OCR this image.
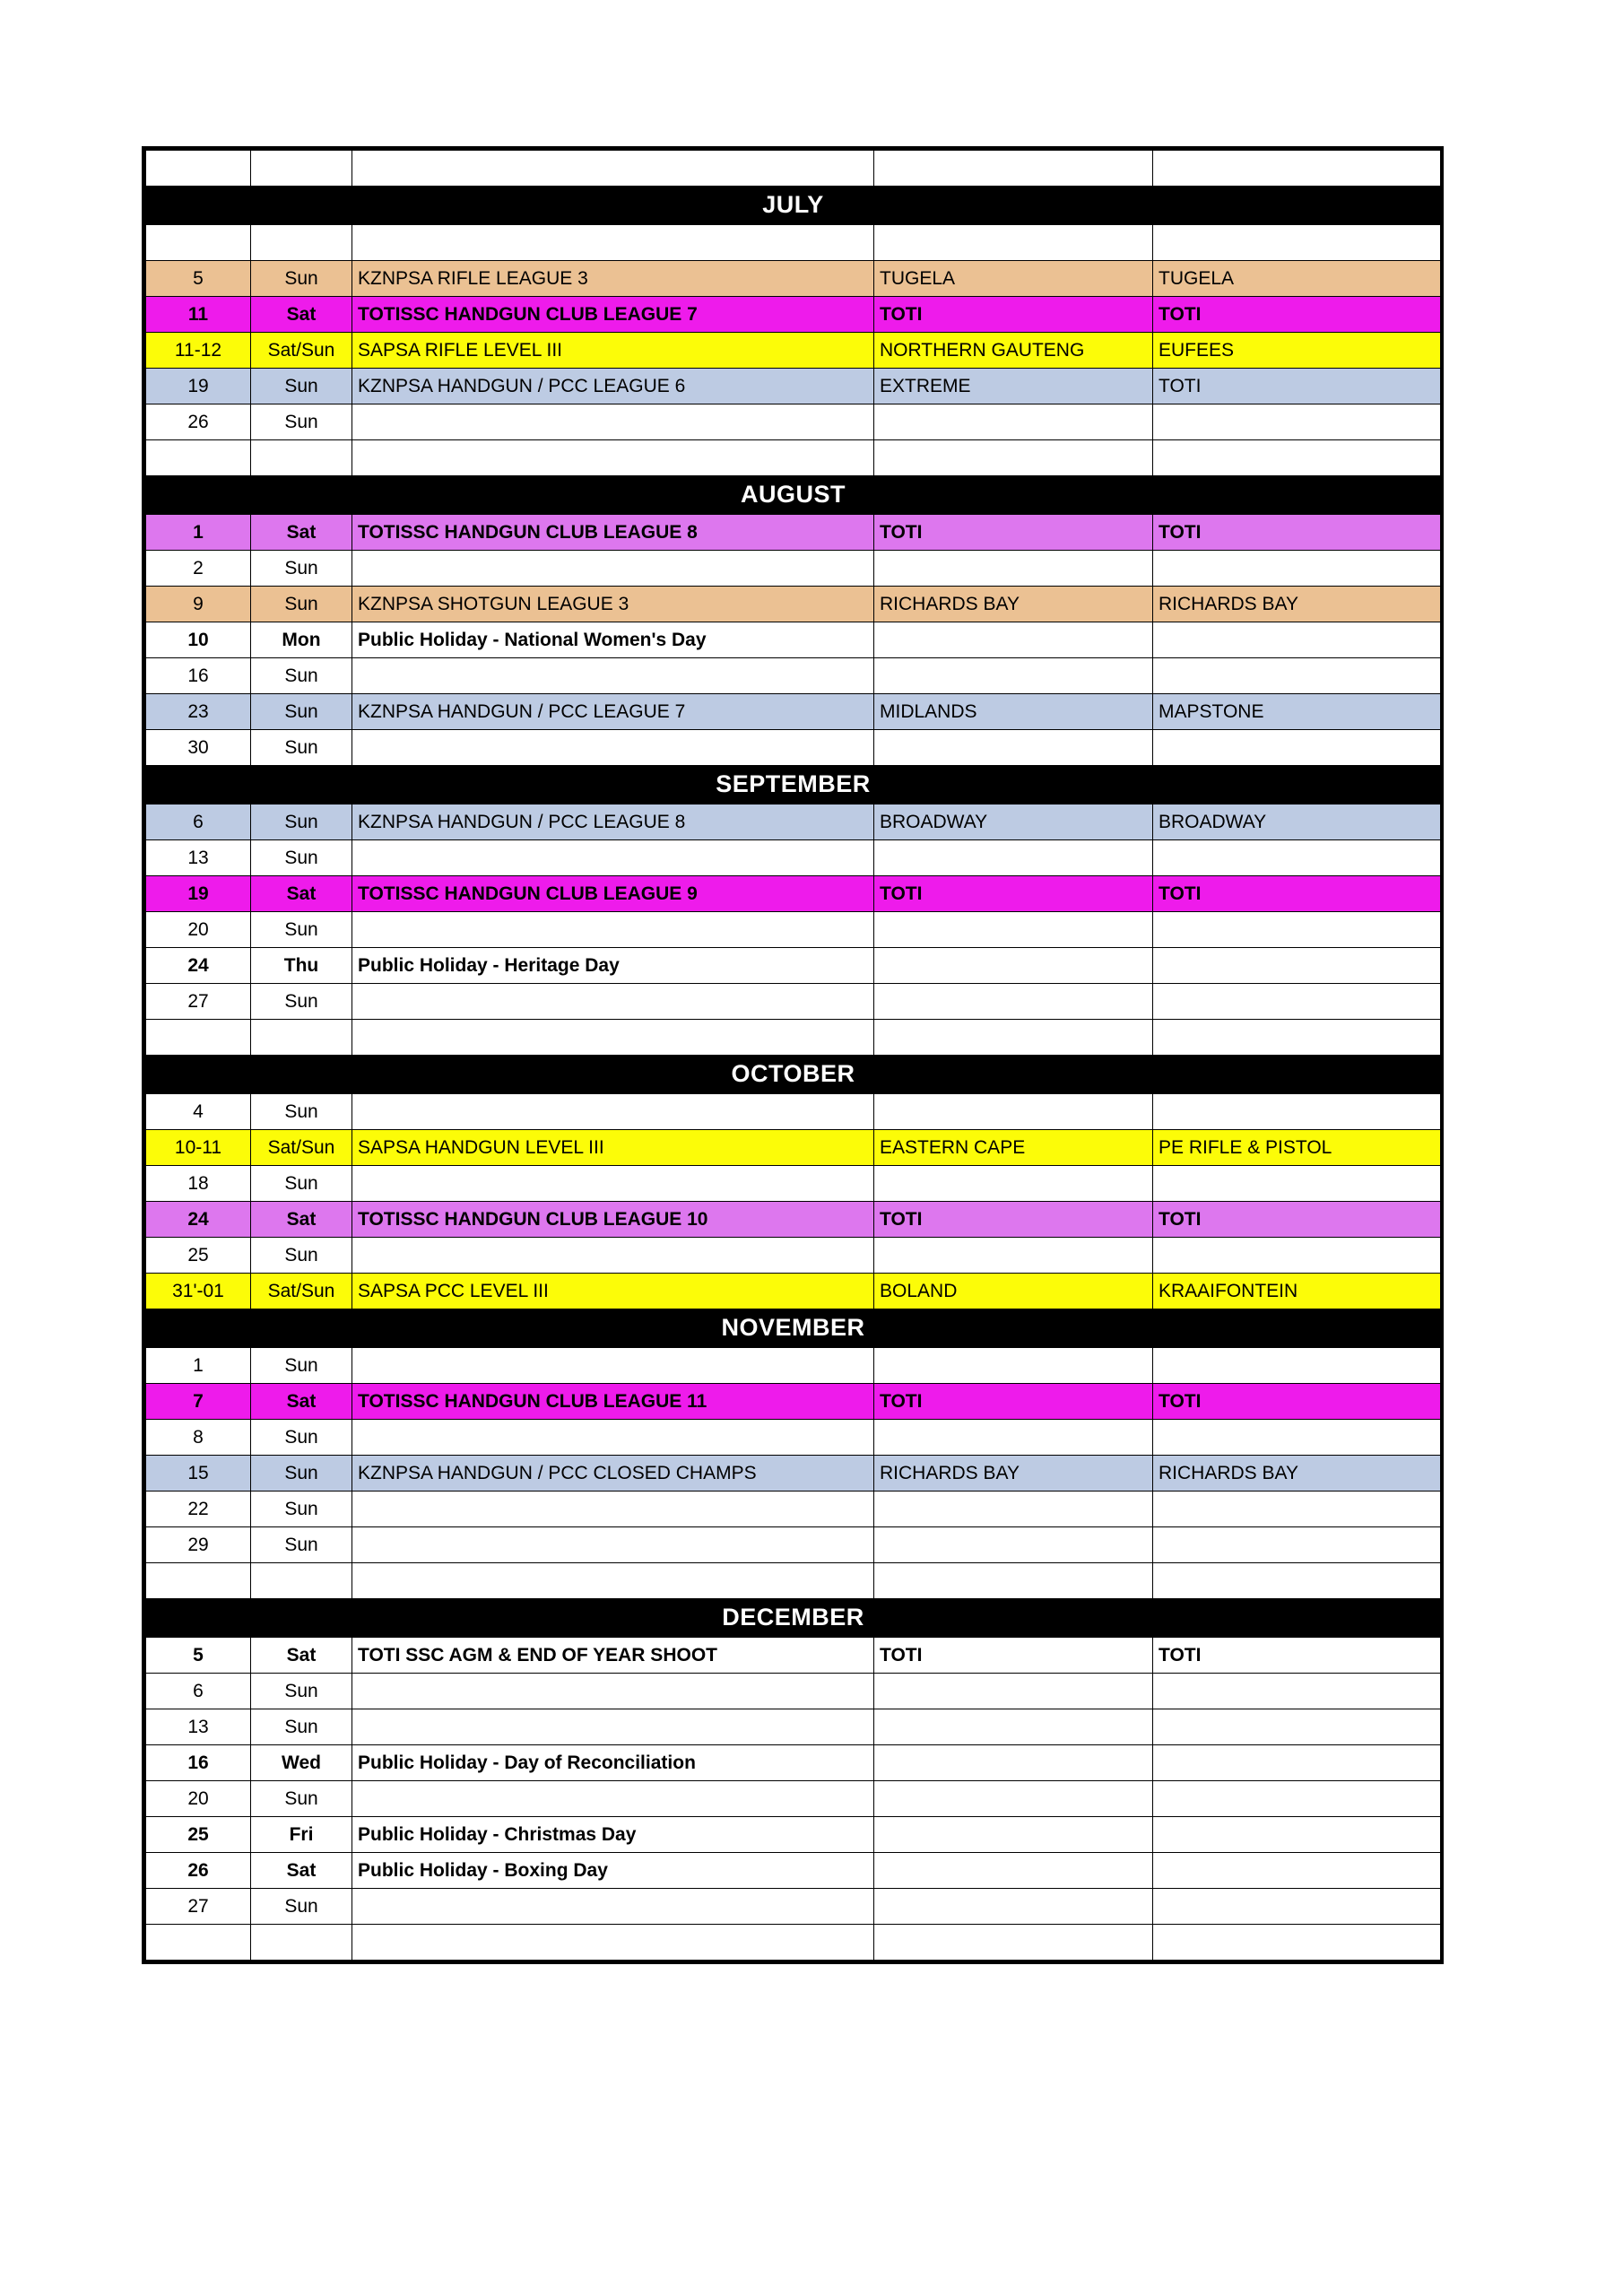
JULY				

5	Sun	KZNPSA RIFLE LEAGUE 3	TUGELA	TUGELA
11	Sat	TOTISSC HANDGUN CLUB LEAGUE 7	TOTI	TOTI
11-12	Sat/Sun	SAPSA RIFLE LEVEL III	NORTHERN GAUTENG	EUFEES
19	Sun	KZNPSA HANDGUN / PCC LEAGUE 6	EXTREME	TOTI
26	Sun			

AUGUST				
1	Sat	TOTISSC HANDGUN CLUB LEAGUE 8	TOTI	TOTI
2	Sun			
9	Sun	KZNPSA SHOTGUN LEAGUE 3	RICHARDS BAY	RICHARDS BAY
10	Mon	Public Holiday - National Women's Day		
16	Sun			
23	Sun	KZNPSA HANDGUN / PCC LEAGUE 7	MIDLANDS	MAPSTONE
30	Sun			
SEPTEMBER				
6	Sun	KZNPSA HANDGUN / PCC LEAGUE 8	BROADWAY	BROADWAY
13	Sun			
19	Sat	TOTISSC HANDGUN CLUB LEAGUE 9	TOTI	TOTI
20	Sun			
24	Thu	Public Holiday - Heritage Day		
27	Sun			

OCTOBER				
4	Sun			
10-11	Sat/Sun	SAPSA HANDGUN LEVEL III	EASTERN CAPE	PE RIFLE & PISTOL
18	Sun			
24	Sat	TOTISSC HANDGUN CLUB LEAGUE 10	TOTI	TOTI
25	Sun			
31'-01	Sat/Sun	SAPSA PCC LEVEL III	BOLAND	KRAAIFONTEIN
NOVEMBER				
1	Sun			
7	Sat	TOTISSC HANDGUN CLUB LEAGUE 11	TOTI	TOTI
8	Sun			
15	Sun	KZNPSA HANDGUN / PCC CLOSED CHAMPS	RICHARDS BAY	RICHARDS BAY
22	Sun			
29	Sun			

DECEMBER				
5	Sat	TOTI SSC AGM & END OF YEAR SHOOT	TOTI	TOTI
6	Sun			
13	Sun			
16	Wed	Public Holiday - Day of Reconciliation		
20	Sun			
25	Fri	Public Holiday - Christmas Day		
26	Sat	Public Holiday - Boxing Day		
27	Sun			
